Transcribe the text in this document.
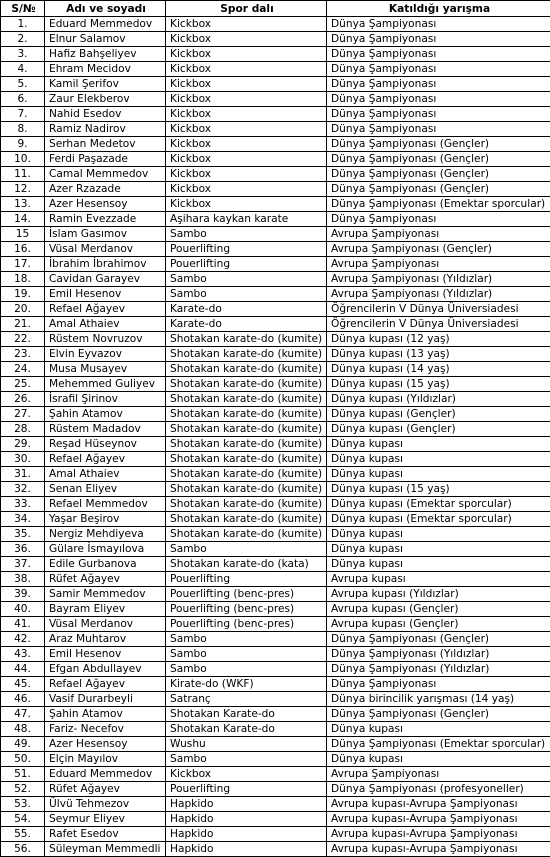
S/№	Adı ve soyadı	Spor dalı	Katıldığı yarışma
1.	Eduard Memmedov	Kickbox	Dünya Şampiyonası
2.	Elnur Salamov	Kickbox	Dünya Şampiyonası
3.	Hafiz Bahşeliyev	Kickbox	Dünya Şampiyonası
4.	Ehram Mecidov	Kickbox	Dünya Şampiyonası
5.	Kamil Şerifov	Kickbox	Dünya Şampiyonası
6.	Zaur Elekberov	Kickbox	Dünya Şampiyonası
7.	Nahid Esedov	Kickbox	Dünya Şampiyonası
8.	Ramiz Nadirov	Kickbox	Dünya Şampiyonası
9.	Serhan Medetov	Kickbox	Dünya Şampiyonası (Gençler)
10.	Ferdi Paşazade	Kickbox	Dünya Şampiyonası (Gençler)
11.	Camal Memmedov	Kickbox	Dünya Şampiyonası (Gençler)
12.	Azer Rzazade	Kickbox	Dünya Şampiyonası (Gençler)
13.	Azer Hesensoy	Kickbox	Dünya Şampiyonası (Emektar sporcular)
14.	Ramin Evezzade	Aşihara kaykan karate	Dünya Şampiyonası
15	İslam Gasımov	Sambo	Avrupa Şampiyonası
16.	Vüsal Merdanov	Pouerlifting	Avrupa Şampiyonası (Gençler)
17.	İbrahim İbrahimov	Pouerlifting	Avrupa Şampiyonası
18.	Cavidan Garayev	Sambo	Avrupa Şampiyonası (Yıldızlar)
19.	Emil Hesenov	Sambo	Avrupa Şampiyonası (Yıldızlar)
20.	Refael Ağayev	Karate-do	Öğrencilerin V Dünya Üniversiadesi
21.	Amal Athaiev	Karate-do	Öğrencilerin V Dünya Üniversiadesi
22.	Rüstem Novruzov	Shotakan karate-do (kumite)	Dünya kupası (12 yaş)
23.	Elvin Eyvazov	Shotakan karate-do (kumite)	Dünya kupası (13 yaş)
24.	Musa Musayev	Shotakan karate-do (kumite)	Dünya kupası (14 yaş)
25.	Mehemmed Guliyev	Shotakan karate-do (kumite)	Dünya kupası (15 yaş)
26.	İsrafil Şirinov	Shotakan karate-do (kumite)	Dünya kupası (Yıldızlar)
27.	Şahin Atamov	Shotakan karate-do (kumite)	Dünya kupası (Gençler)
28.	Rüstem Madadov	Shotakan karate-do (kumite)	Dünya kupası (Gençler)
29.	Reşad Hüseynov	Shotakan karate-do (kumite)	Dünya kupası
30.	Refael Ağayev	Shotakan karate-do (kumite)	Dünya kupası
31.	Amal Athaiev	Shotakan karate-do (kumite)	Dünya kupası
32.	Senan Eliyev	Shotakan karate-do (kumite)	Dünya kupası (15 yaş)
33.	Refael Memmedov	Shotakan karate-do (kumite)	Dünya kupası (Emektar sporcular)
34.	Yaşar Beşirov	Shotakan karate-do (kumite)	Dünya kupası (Emektar sporcular)
35.	Nergiz Mehdiyeva	Shotakan karate-do (kumite)	Dünya kupası
36.	Gülare İsmayılova	Sambo	Dünya kupası
37.	Edile Gurbanova	Shotakan karate-do (kata)	Dünya kupası
38.	Rüfet Ağayev	Pouerlifting	Avrupa kupası
39.	Samir Memmedov	Pouerlifting (benc-pres)	Avrupa kupası (Yıldızlar)
40.	Bayram Eliyev	Pouerlifting (benc-pres)	Avrupa kupası (Gençler)
41.	Vüsal Merdanov	Pouerlifting (benc-pres)	Avrupa kupası (Gençler)
42.	Araz Muhtarov	Sambo	Dünya Şampiyonası (Gençler)
43.	Emil Hesenov	Sambo	Dünya Şampiyonası (Yıldızlar)
44.	Efgan Abdullayev	Sambo	Dünya Şampiyonası (Yıldızlar)
45.	Refael Ağayev	Kirate-do (WKF)	Dünya Şampiyonası
46.	Vasif Durarbeyli	Satranç	Dünya birincilik yarışması (14 yaş)
47.	Şahin Atamov	Shotakan Karate-do	Dünya Şampiyonası (Gençler)
48.	Fariz- Necefov	Shotakan Karate-do	Dünya kupası
49.	Azer Hesensoy	Wushu	Dünya Şampiyonası (Emektar sporcular)
50.	Elçin Mayılov	Sambo	Dünya kupası
51.	Eduard Memmedov	Kickbox	Avrupa Şampiyonası
52.	Rüfet Ağayev	Pouerlifting	Dünya Şampiyonası (profesyoneller)
53.	Ülvü Tehmezov	Hapkido	Avrupa kupası-Avrupa Şampiyonası
54.	Seymur Eliyev	Hapkido	Avrupa kupası-Avrupa Şampiyonası
55.	Rafet Esedov	Hapkido	Avrupa kupası-Avrupa Şampiyonası
56.	Süleyman Memmedli	Hapkido	Avrupa kupası-Avrupa Şampiyonası
